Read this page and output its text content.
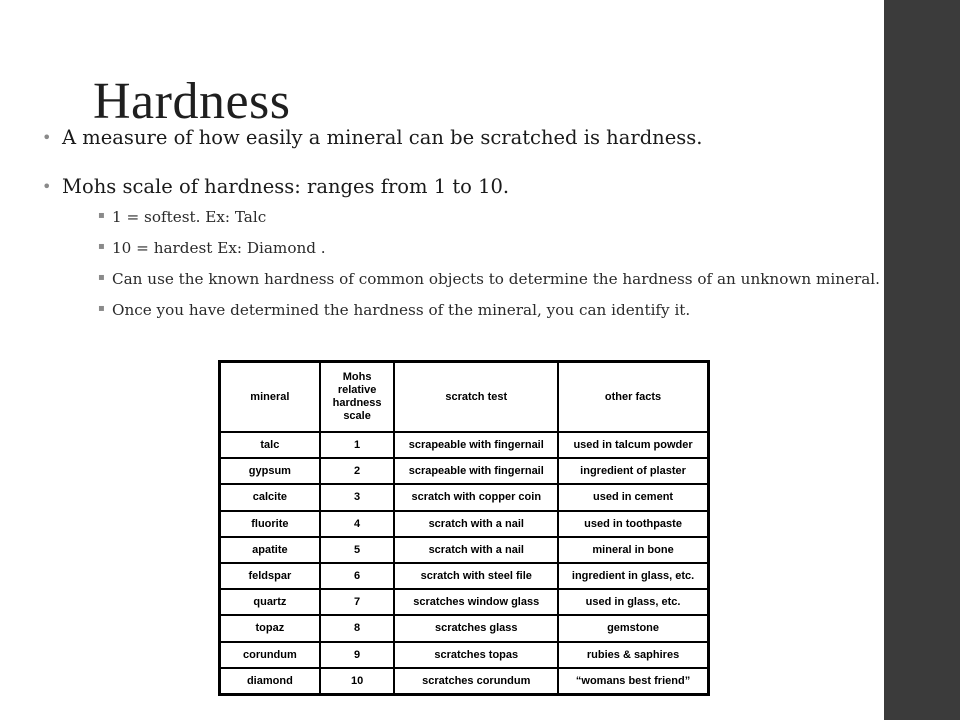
Hardness
• A measure of how easily a mineral can be scratched is hardness.
• Mohs scale of hardness: ranges from 1 to 10.
▪ 1 = softest. Ex: Talc
▪ 10 = hardest Ex: Diamond .
▪ Can use the known hardness of common objects to determine the hardness of an unknown mineral.
▪ Once you have determined the hardness of the mineral, you can identify it.
mineral	Mohs relative hardness scale	scratch test	other facts
talc	1	scrapeable with fingernail	used in talcum powder
gypsum	2	scrapeable with fingernail	ingredient of plaster
calcite	3	scratch with copper coin	used in cement
fluorite	4	scratch with a nail	used in toothpaste
apatite	5	scratch with a nail	mineral in bone
feldspar	6	scratch with steel file	ingredient in glass, etc.
quartz	7	scratches window glass	used in glass, etc.
topaz	8	scratches glass	gemstone
corundum	9	scratches topas	rubies & saphires
diamond	10	scratches corundum	“womans best friend”
